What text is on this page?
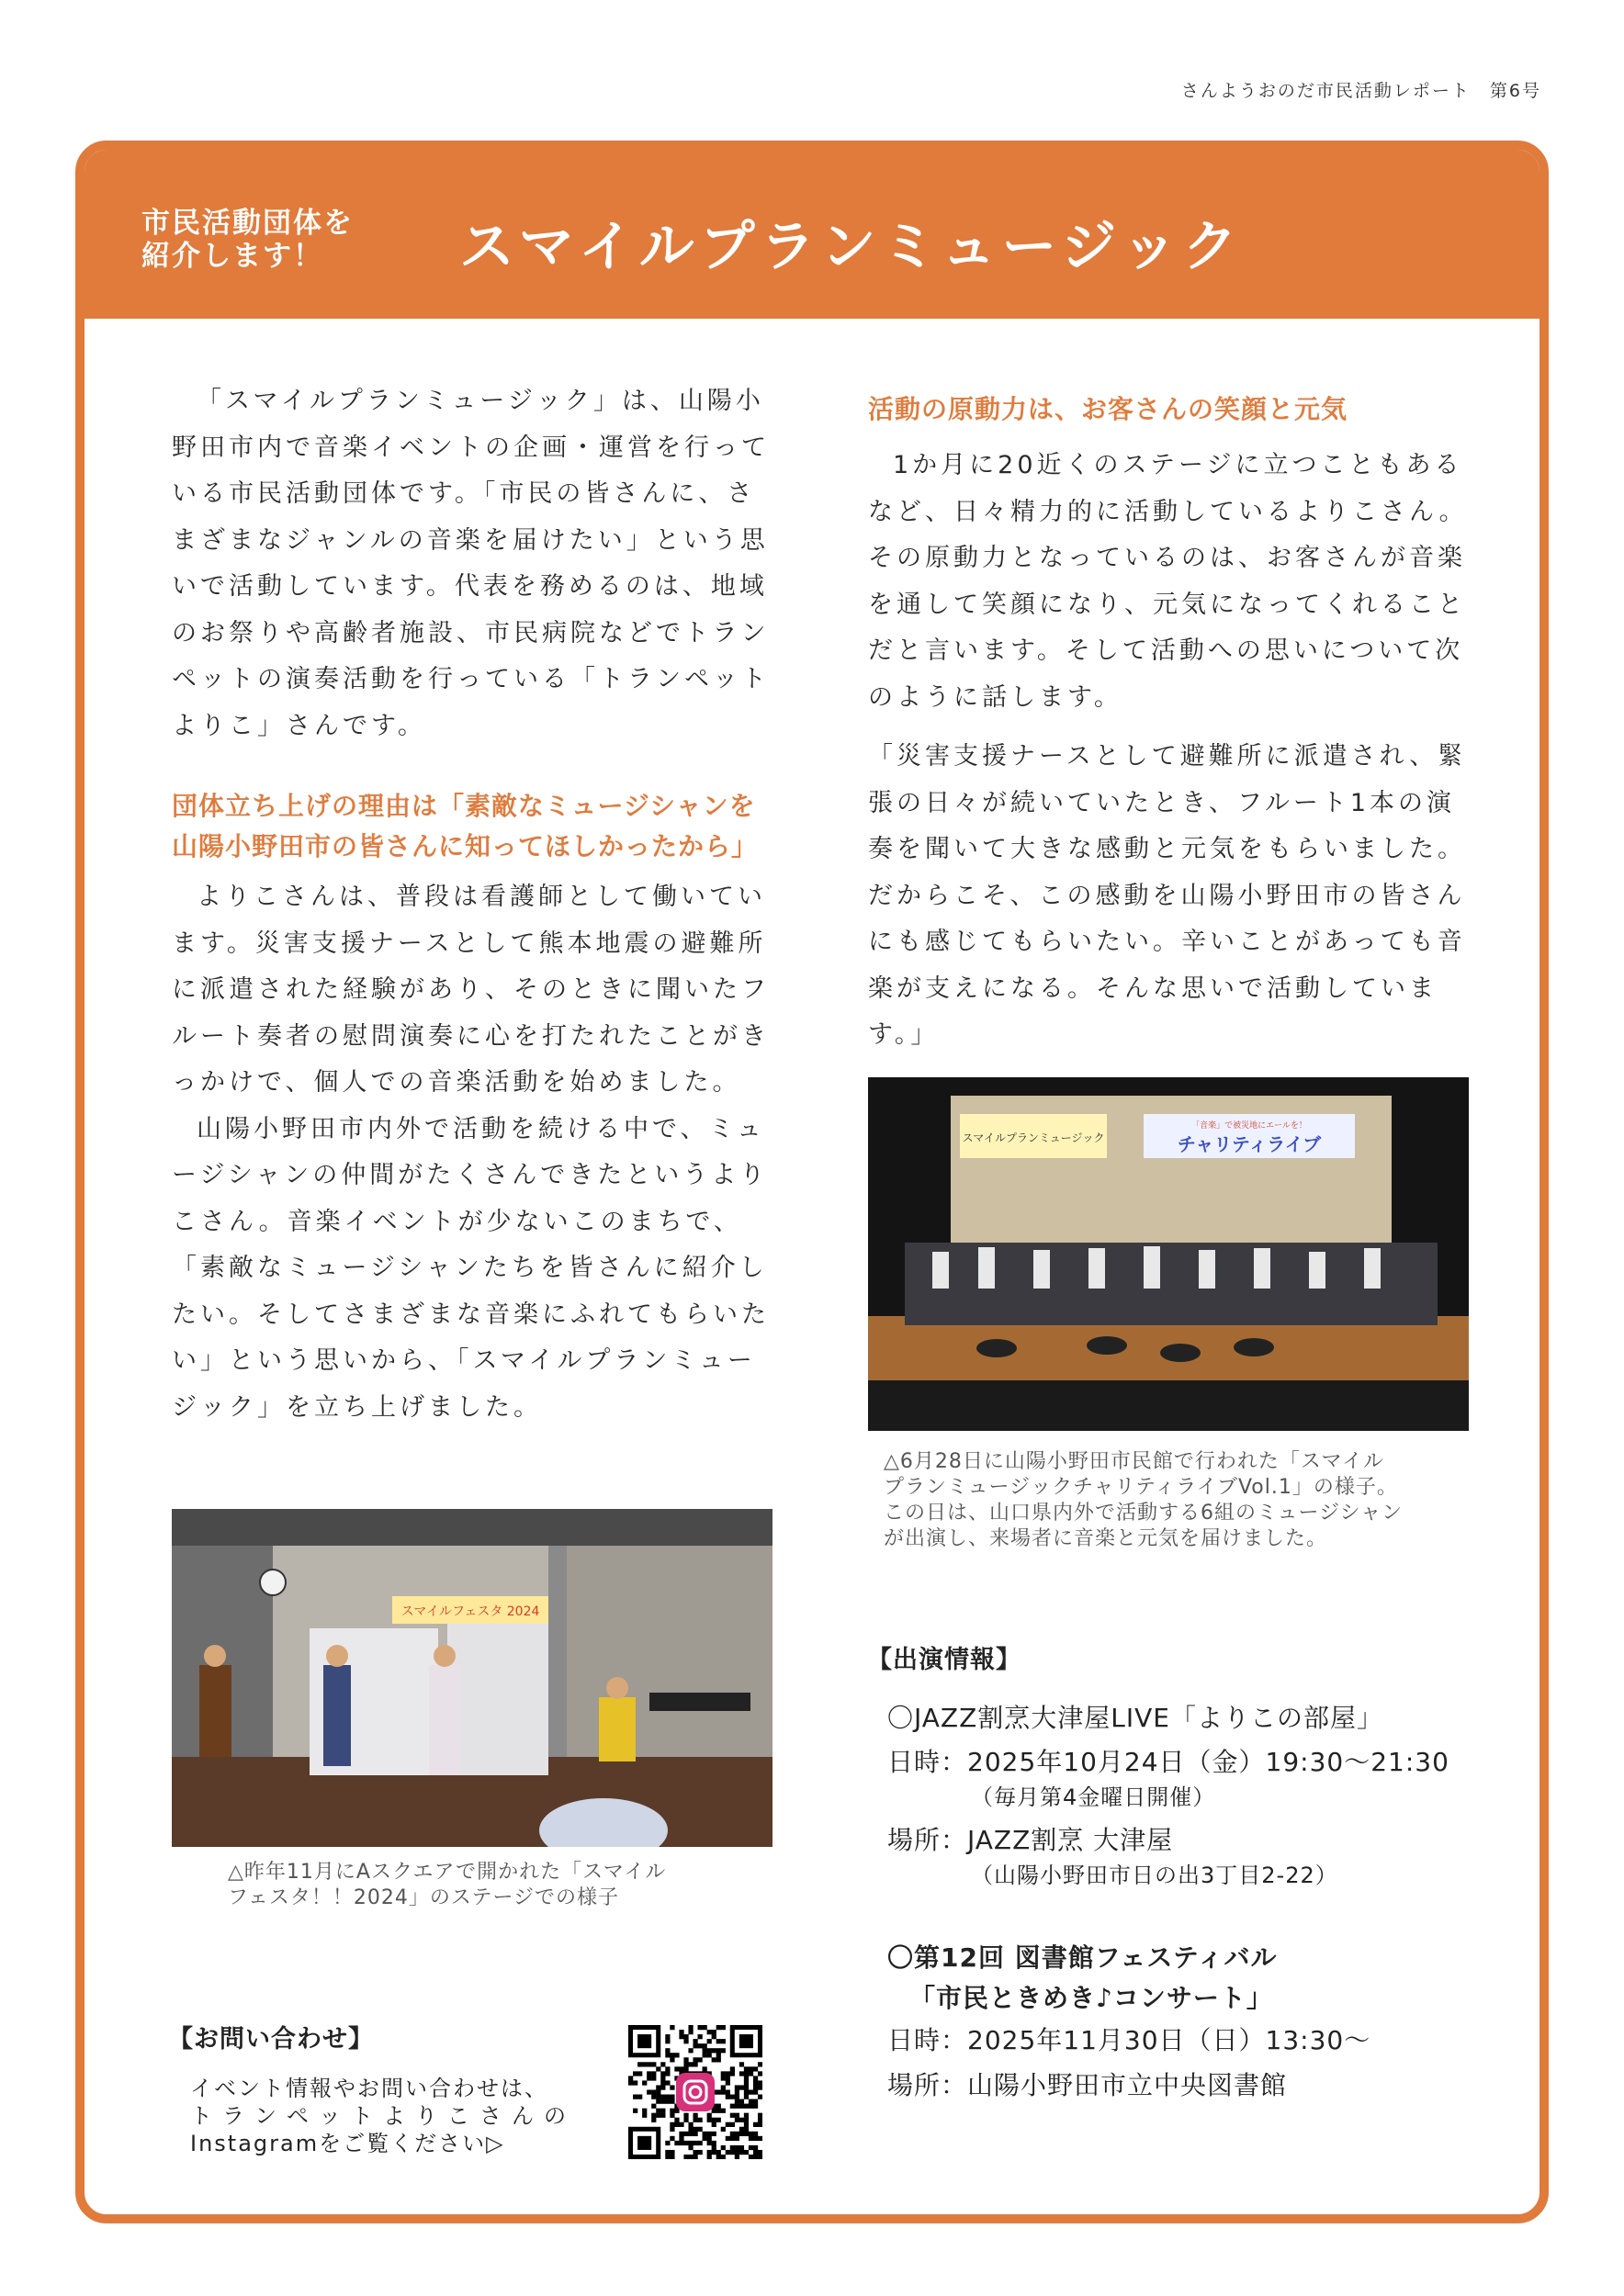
さんようおのだ市民活動レポート　第6号
市民活動団体を
紹介します！	スマイルプランミュージック

「スマイルプランミュージック」は、山陽小野田市内で音楽イベントの企画・運営を行っている市民活動団体です。「市民の皆さんに、さまざまなジャンルの音楽を届けたい」という思いで活動しています。代表を務めるのは、地域のお祭りや高齢者施設、市民病院などでトランペットの演奏活動を行っている「トランペットよりこ」さんです。

団体立ち上げの理由は「素敵なミュージシャンを
山陽小野田市の皆さんに知ってほしかったから」

よりこさんは、普段は看護師として働いています。災害支援ナースとして熊本地震の避難所に派遣された経験があり、そのときに聞いたフルート奏者の慰問演奏に心を打たれたことがきっかけで、個人での音楽活動を始めました。

山陽小野田市内外で活動を続ける中で、ミュージシャンの仲間がたくさんできたというよりこさん。音楽イベントが少ないこのまちで、「素敵なミュージシャンたちを皆さんに紹介したい。そしてさまざまな音楽にふれてもらいたい」という思いから、「スマイルプランミュージック」を立ち上げました。

スマイルフェスタ 2024
△昨年11月にAスクエアで開かれた「スマイル
フェスタ！！2024」のステージでの様子
【お問い合わせ】
イベント情報やお問い合わせは、
トランペットよりこさんの
Instagramをご覧ください▷

活動の原動力は、お客さんの笑顔と元気

1か月に20近くのステージに立つこともあるなど、日々精力的に活動しているよりこさん。その原動力となっているのは、お客さんが音楽を通して笑顔になり、元気になってくれることだと言います。そして活動への思いについて次のように話します。

「災害支援ナースとして避難所に派遣され、緊張の日々が続いていたとき、フルート1本の演奏を聞いて大きな感動と元気をもらいました。だからこそ、この感動を山陽小野田市の皆さんにも感じてもらいたい。辛いことがあっても音楽が支えになる。そんな思いで活動しています。」

スマイルプランミュージック
「音楽」で被災地にエールを！
チャリティライブ
△6月28日に山陽小野田市民館で行われた「スマイル
プランミュージックチャリティライブVol.1」の様子。
この日は、山口県内外で活動する6組のミュージシャン
が出演し、来場者に音楽と元気を届けました。
【出演情報】
〇JAZZ割烹大津屋LIVE「よりこの部屋」
日時：2025年10月24日（金）19:30～21:30
（毎月第4金曜日開催）
場所：JAZZ割烹 大津屋
（山陽小野田市日の出3丁目2-22）
〇第12回 図書館フェスティバル
「市民ときめき♪コンサート」
日時：2025年11月30日（日）13:30～
場所：山陽小野田市立中央図書館
